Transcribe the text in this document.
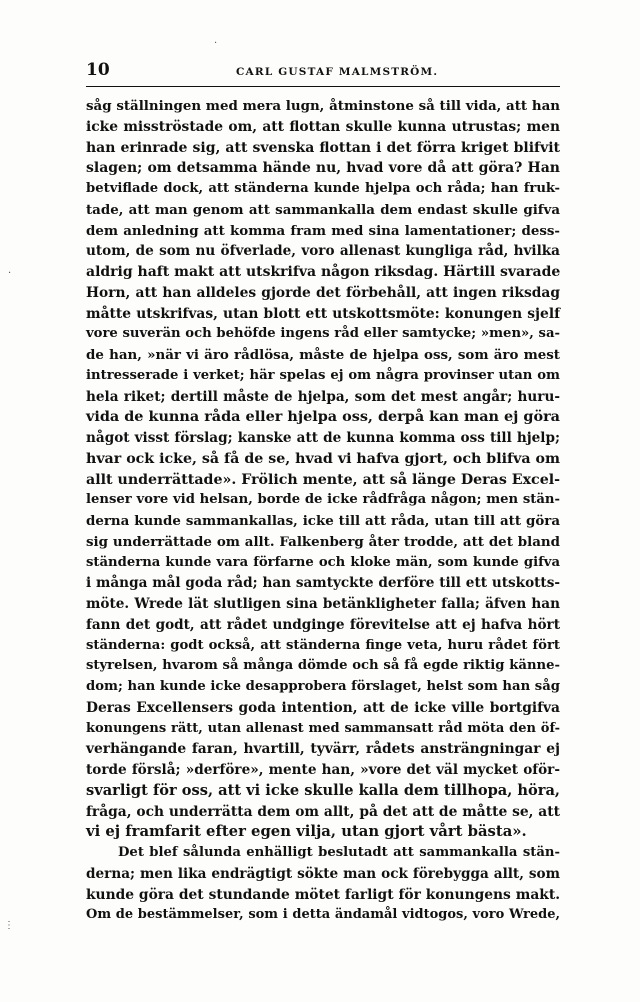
10	CARL GUSTAF MALMSTRÖM.
·
·
⋮
såg ställningen med mera lugn, åtminstone så till vida, att han
icke misströstade om, att flottan skulle kunna utrustas; men
han erinrade sig, att svenska flottan i det förra kriget blifvit
slagen; om detsamma hände nu, hvad vore då att göra? Han
betviflade dock, att ständerna kunde hjelpa och råda; han fruk-
tade, att man genom att sammankalla dem endast skulle gifva
dem anledning att komma fram med sina lamentationer; dess-
utom, de som nu öfverlade, voro allenast kungliga råd, hvilka
aldrig haft makt att utskrifva någon riksdag. Härtill svarade
Horn, att han alldeles gjorde det förbehåll, att ingen riksdag
måtte utskrifvas, utan blott ett utskottsmöte: konungen sjelf
vore suverän och behöfde ingens råd eller samtycke; »men», sa-
de han, »när vi äro rådlösa, måste de hjelpa oss, som äro mest
intresserade i verket; här spelas ej om några provinser utan om
hela riket; dertill måste de hjelpa, som det mest angår; huru-
vida de kunna råda eller hjelpa oss, derpå kan man ej göra
något visst förslag; kanske att de kunna komma oss till hjelp;
hvar ock icke, så få de se, hvad vi hafva gjort, och blifva om
allt underrättade». Frölich mente, att så länge Deras Excel-
lenser vore vid helsan, borde de icke rådfråga någon; men stän-
derna kunde sammankallas, icke till att råda, utan till att göra
sig underrättade om allt. Falkenberg åter trodde, att det bland
ständerna kunde vara förfarne och kloke män, som kunde gifva
i många mål goda råd; han samtyckte derföre till ett utskotts-
möte. Wrede lät slutligen sina betänkligheter falla; äfven han
fann det godt, att rådet undginge förevitelse att ej hafva hört
ständerna: godt också, att ständerna finge veta, huru rådet fört
styrelsen, hvarom så många dömde och så få egde riktig känne-
dom; han kunde icke desapprobera förslaget, helst som han såg
Deras Excellensers goda intention, att de icke ville bortgifva
konungens rätt, utan allenast med sammansatt råd möta den öf-
verhängande faran, hvartill, tyvärr, rådets ansträngningar ej
torde förslå; »derföre», mente han, »vore det väl mycket oför-
svarligt för oss, att vi icke skulle kalla dem tillhopa, höra,
fråga, och underrätta dem om allt, på det att de måtte se, att
vi ej framfarit efter egen vilja, utan gjort vårt bästa».
Det blef sålunda enhälligt beslutadt att sammankalla stän-
derna; men lika endrägtigt sökte man ock förebygga allt, som
kunde göra det stundande mötet farligt för konungens makt.
Om de bestämmelser, som i detta ändamål vidtogos, voro Wrede,
